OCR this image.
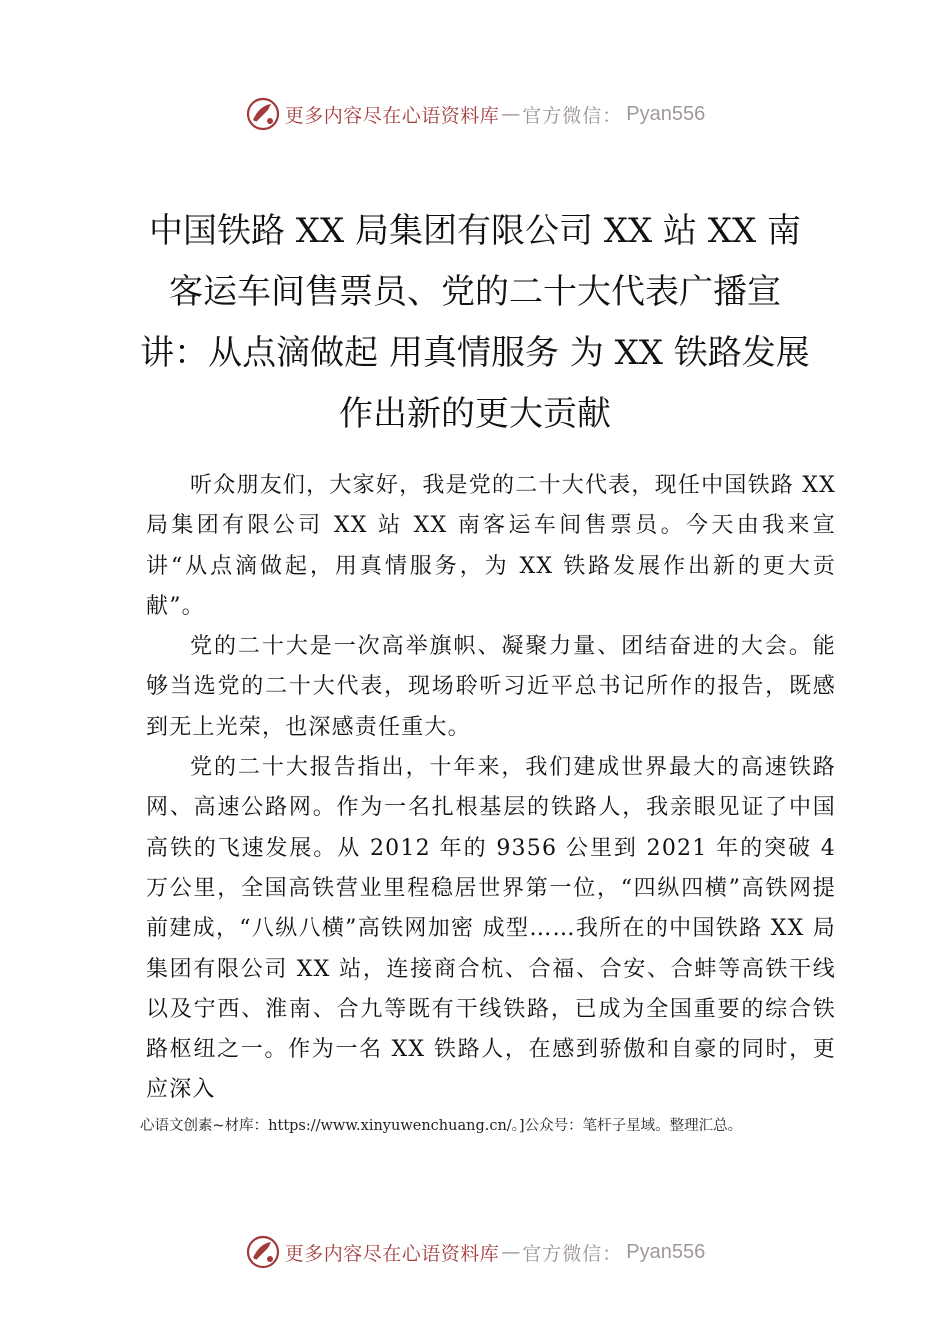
更多内容尽在心语资料库 — 官方微信： Pyan556
中国铁路 XX 局集团有限公司 XX 站 XX 南客运车间售票员、党的二十大代表广播宣讲：从点滴做起 用真情服务 为 XX 铁路发展作出新的更大贡献

听众朋友们，大家好，我是党的二十大代表，现任中国铁路 XX 局集团有限公司 XX 站 XX 南客运车间售票员。今天由我来宣讲“从点滴做起，用真情服务，为 XX 铁路发展作出新的更大贡献”。

党的二十大是一次高举旗帜、凝聚力量、团结奋进的大会。能够当选党的二十大代表，现场聆听习近平总书记所作的报告，既感到无上光荣，也深感责任重大。

党的二十大报告指出，十年来，我们建成世界最大的高速铁路网、高速公路网。作为一名扎根基层的铁路人，我亲眼见证了中国高铁的飞速发展。从 2012 年的 9356 公里到 2021 年的突破 4 万公里，全国高铁营业里程稳居世界第一位，“四纵四横”高铁网提前建成，“八纵八横”高铁网加密 成型……我所在的中国铁路 XX 局集团有限公司 XX 站，连接商合杭、合福、合安、合蚌等高铁干线以及宁西、淮南、合九等既有干线铁路，已成为全国重要的综合铁路枢纽之一。作为一名 XX 铁路人，在感到骄傲和自豪的同时，更应深入

心语文创素~材库：https://www.xinyuwenchuang.cn/。]公众号：笔杆子星域。整理汇总。
更多内容尽在心语资料库 — 官方微信： Pyan556
